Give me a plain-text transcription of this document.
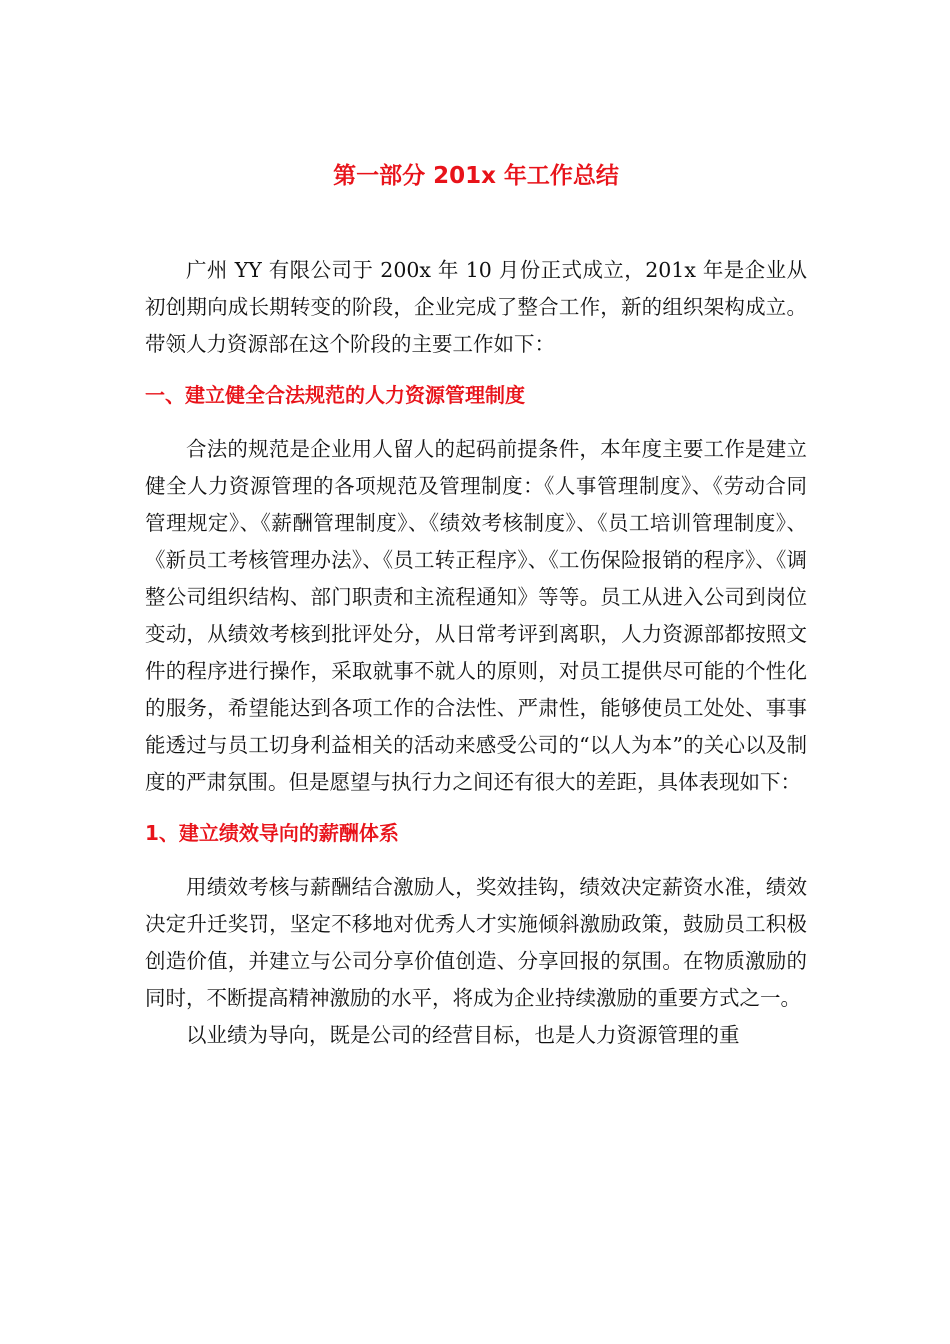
第一部分 201x 年工作总结

广州 YY 有限公司于 200x 年 10 月份正式成立，201x 年是企业从初创期向成长期转变的阶段，企业完成了整合工作，新的组织架构成立。带领人力资源部在这个阶段的主要工作如下：

一、建立健全合法规范的人力资源管理制度

合法的规范是企业用人留人的起码前提条件，本年度主要工作是建立健全人力资源管理的各项规范及管理制度：《人事管理制度》、《劳动合同管理规定》、《薪酬管理制度》、《绩效考核制度》、《员工培训管理制度》、《新员工考核管理办法》、《员工转正程序》、《工伤保险报销的程序》、《调整公司组织结构、部门职责和主流程通知》等等。员工从进入公司到岗位变动，从绩效考核到批评处分，从日常考评到离职，人力资源部都按照文件的程序进行操作，采取就事不就人的原则，对员工提供尽可能的个性化的服务，希望能达到各项工作的合法性、严肃性，能够使员工处处、事事能透过与员工切身利益相关的活动来感受公司的“以人为本”的关心以及制度的严肃氛围。但是愿望与执行力之间还有很大的差距，具体表现如下：

1、建立绩效导向的薪酬体系

用绩效考核与薪酬结合激励人，奖效挂钩，绩效决定薪资水准，绩效决定升迁奖罚，坚定不移地对优秀人才实施倾斜激励政策，鼓励员工积极创造价值，并建立与公司分享价值创造、分享回报的氛围。在物质激励的同时，不断提高精神激励的水平，将成为企业持续激励的重要方式之一。

以业绩为导向，既是公司的经营目标，也是人力资源管理的重
